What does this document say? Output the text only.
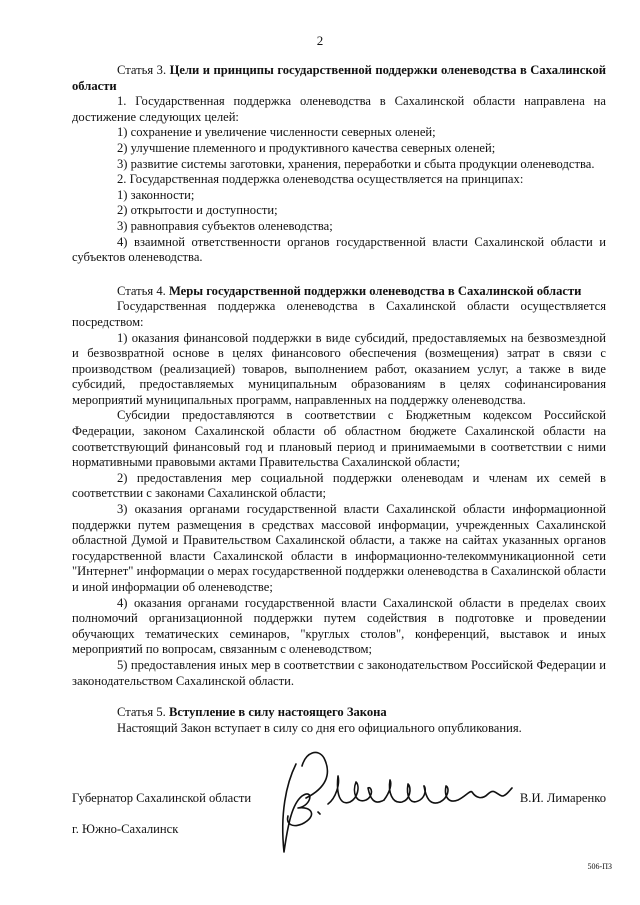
2

Статья 3. Цели и принципы государственной поддержки оленеводства в Сахалинской области

1. Государственная поддержка оленеводства в Сахалинской области направлена на достижение следующих целей:

1) сохранение и увеличение численности северных оленей;

2) улучшение племенного и продуктивного качества северных оленей;

3) развитие системы заготовки, хранения, переработки и сбыта продукции оленеводства.

2. Государственная поддержка оленеводства осуществляется на принципах:

1) законности;

2) открытости и доступности;

3) равноправия субъектов оленеводства;

4) взаимной ответственности органов государственной власти Сахалинской области и субъектов оленеводства.

Статья 4. Меры государственной поддержки оленеводства в Сахалинской области

Государственная поддержка оленеводства в Сахалинской области осуществляется посредством:

1) оказания финансовой поддержки в виде субсидий, предоставляемых на безвозмездной и безвозвратной основе в целях финансового обеспечения (возмещения) затрат в связи с производством (реализацией) товаров, выполнением работ, оказанием услуг, а также в виде субсидий, предоставляемых муниципальным образованиям в целях софинансирования мероприятий муниципальных программ, направленных на поддержку оленеводства.

Субсидии предоставляются в соответствии с Бюджетным кодексом Российской Федерации, законом Сахалинской области об областном бюджете Сахалинской области на соответствующий финансовый год и плановый период и принимаемыми в соответствии с ними нормативными правовыми актами Правительства Сахалинской области;

2) предоставления мер социальной поддержки оленеводам и членам их семей в соответствии с законами Сахалинской области;

3) оказания органами государственной власти Сахалинской области информационной поддержки путем размещения в средствах массовой информации, учрежденных Сахалинской областной Думой и Правительством Сахалинской области, а также на сайтах указанных органов государственной власти Сахалинской области в информационно-телекоммуникационной сети "Интернет" информации о мерах государственной поддержки оленеводства в Сахалинской области и иной информации об оленеводстве;

4) оказания органами государственной власти Сахалинской области в пределах своих полномочий организационной поддержки путем содействия в подготовке и проведении обучающих тематических семинаров, "круглых столов", конференций, выставок и иных мероприятий по вопросам, связанным с оленеводством;

5) предоставления иных мер в соответствии с законодательством Российской Федерации и законодательством Сахалинской области.

Статья 5. Вступление в силу настоящего Закона

Настоящий Закон вступает в силу со дня его официального опубликования.

Губернатор Сахалинской области	В.И. Лимаренко
г. Южно-Сахалинск
506-ПЗ
